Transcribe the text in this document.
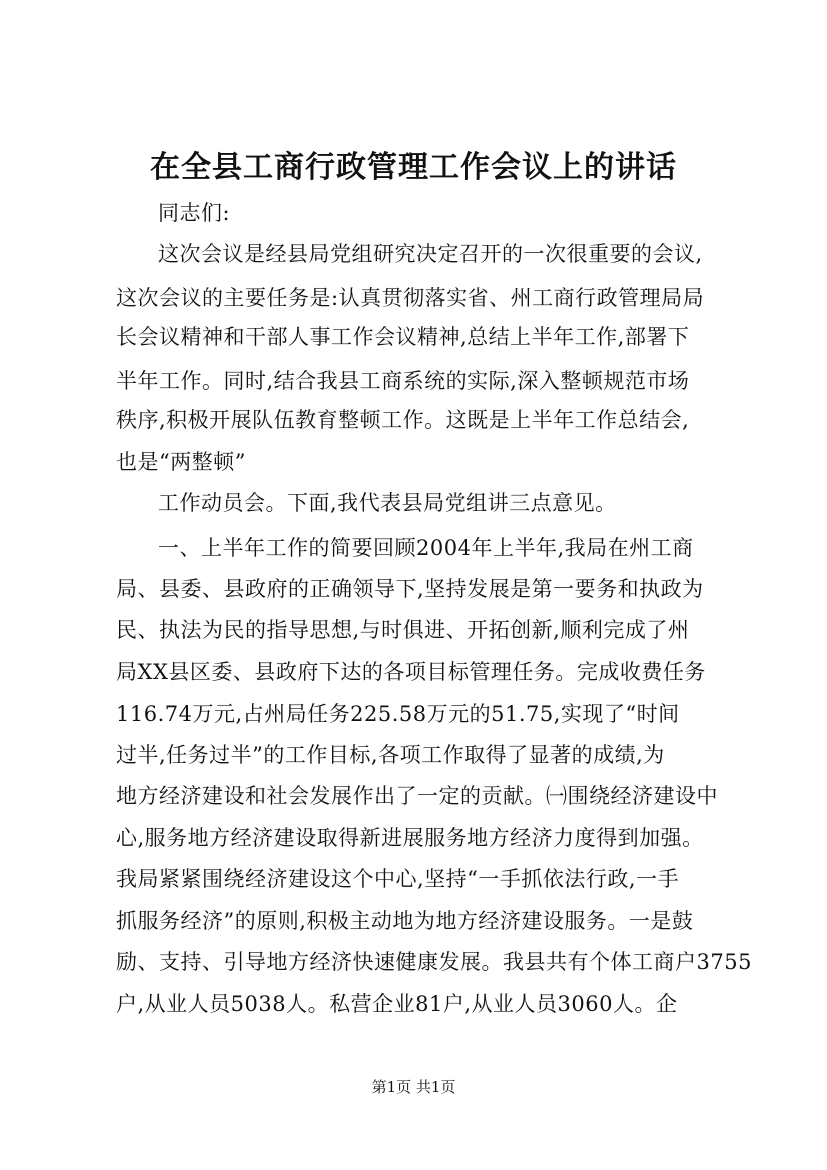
在全县工商行政管理工作会议上的讲话
同志们:
这次会议是经县局党组研究决定召开的一次很重要的会议,
这次会议的主要任务是:认真贯彻落实省、州工商行政管理局局
长会议精神和干部人事工作会议精神,总结上半年工作,部署下
半年工作。同时,结合我县工商系统的实际,深入整顿规范市场
秩序,积极开展队伍教育整顿工作。这既是上半年工作总结会,
也是“两整顿”
工作动员会。下面,我代表县局党组讲三点意见。
一、上半年工作的简要回顾2004年上半年,我局在州工商
局、县委、县政府的正确领导下,坚持发展是第一要务和执政为
民、执法为民的指导思想,与时俱进、开拓创新,顺利完成了州
局XX县区委、县政府下达的各项目标管理任务。完成收费任务
116.74万元,占州局任务225.58万元的51.75,实现了“时间
过半,任务过半”的工作目标,各项工作取得了显著的成绩,为
地方经济建设和社会发展作出了一定的贡献。㈠围绕经济建设中
心,服务地方经济建设取得新进展服务地方经济力度得到加强。
我局紧紧围绕经济建设这个中心,坚持“一手抓依法行政,一手
抓服务经济”的原则,积极主动地为地方经济建设服务。一是鼓
励、支持、引导地方经济快速健康发展。我县共有个体工商户3755
户,从业人员5038人。私营企业81户,从业人员3060人。企
第1页 共1页
